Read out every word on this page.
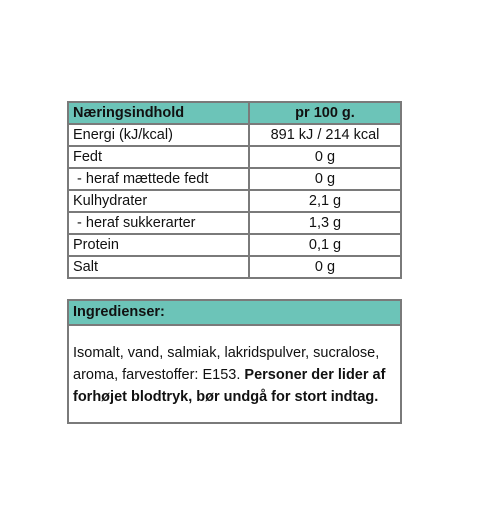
Næringsindhold	pr 100 g.
Energi (kJ/kcal)	891 kJ / 214 kcal
Fedt	0 g
- heraf mættede fedt	0 g
Kulhydrater	2,1 g
- heraf sukkerarter	1,3 g
Protein	0,1 g
Salt	0 g
Ingredienser:
Isomalt, vand, salmiak, lakridspulver, sucralose, aroma, farvestoffer: E153. Personer der lider af forhøjet blodtryk, bør undgå for stort indtag.
